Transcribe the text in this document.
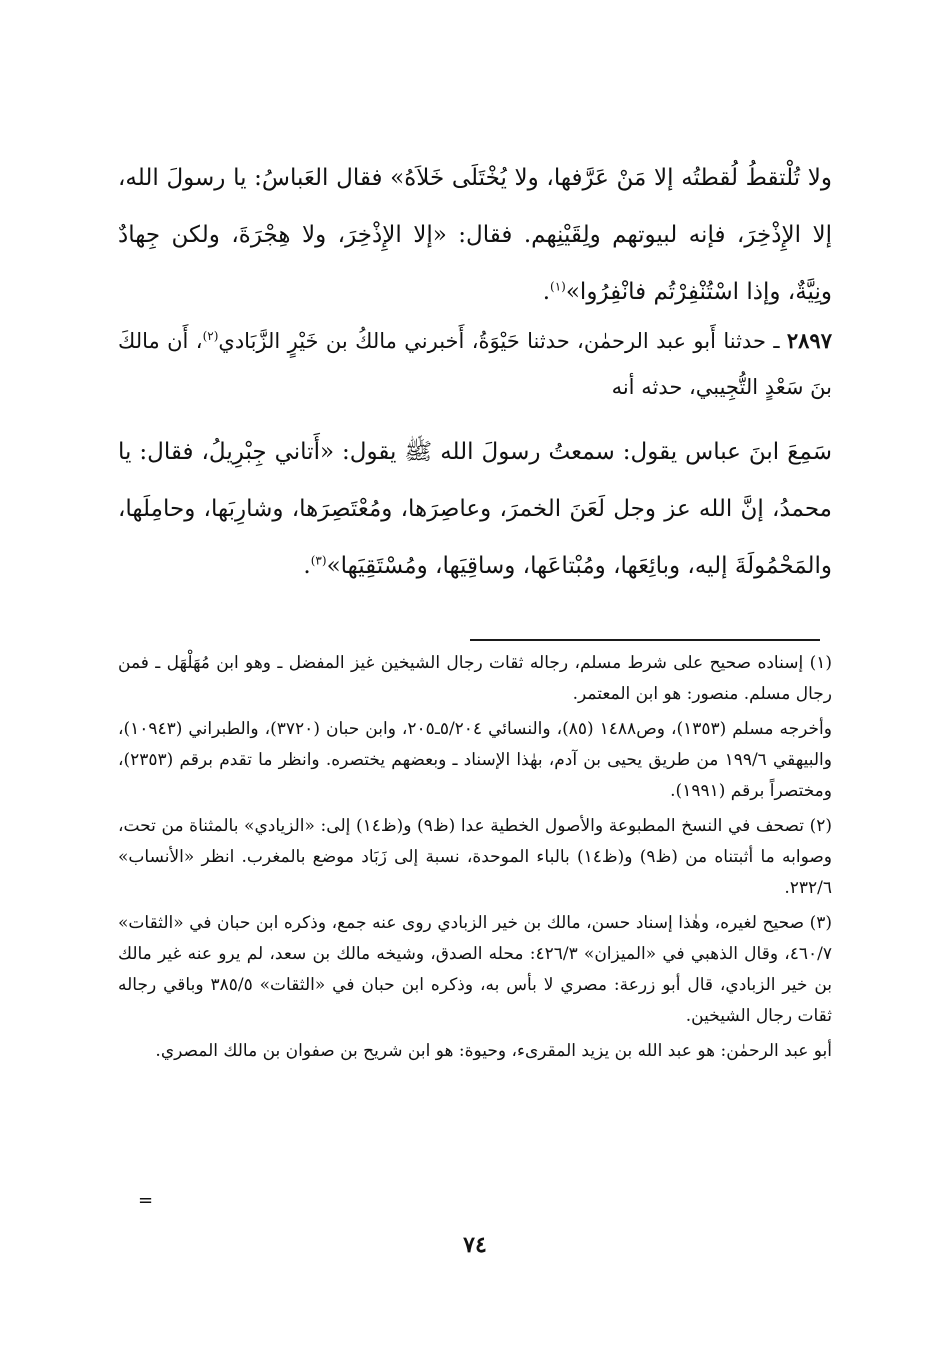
ولا تُلْتقطُ لُقطتُه إلا مَنْ عَرَّفها، ولا يُخْتَلَى خَلاَهُ» فقال العَباسُ: يا رسولَ الله، إلا الإِذْخِرَ، فإنه لبيوتهم ولِقَيْنِهم. فقال: «إلا الإِذْخِرَ، ولا هِجْرَةَ، ولكن جِهادٌ ونِيَّةٌ، وإذا اسْتُنْفِرْتُم فانْفِرُوا»$^{(١)}$.

٢٨٩٧ ـ حدثنا أَبو عبد الرحمٰن، حدثنا حَيْوَةُ، أَخبرني مالكُ بن خَيْرٍ الزَّبَادي$^{(٢)}$، أَن مالكَ بنَ سَعْدٍ التُّجِيبي، حدثه أنه

سَمِعَ ابنَ عباس يقول: سمعتُ رسولَ الله ﷺ يقول: «أَتاني جِبْرِيلُ، فقال: يا محمدُ، إنَّ الله عز وجل لَعَنَ الخمرَ، وعاصِرَها، ومُعْتَصِرَها، وشارِبَها، وحامِلَها، والمَحْمُولَةَ إليه، وبائِعَها، ومُبْتاعَها، وساقِيَها، ومُسْتَقِيَها»$^{(٣)}$.

(١) إسناده صحيح على شرط مسلم، رجاله ثقات رجال الشيخين غيز المفضل ـ وهو ابن مُهَلْهَل ـ فمن رجال مسلم. منصور: هو ابن المعتمر.

وأخرجه مسلم (١٣٥٣)، وص١٤٨٨ (٨٥)، والنسائي ٥/٢٠٤ـ٢٠٥، وابن حبان (٣٧٢٠)، والطبراني (١٠٩٤٣)، والبيهقي ١٩٩/٦ من طريق يحيى بن آدم، بهٰذا الإسناد ـ وبعضهم يختصره. وانظر ما تقدم برقم (٢٣٥٣)، ومختصراً برقم (١٩٩١).

(٢) تصحف في النسخ المطبوعة والأصول الخطية عدا (ظ٩) و(ظ١٤) إلى: «الزيادي» بالمثناة من تحت، وصوابه ما أثبتناه من (ظ٩) و(ظ١٤) بالباء الموحدة، نسبة إلى زَبَاد موضع بالمغرب. انظر «الأنساب» ٢٣٢/٦.

(٣) صحيح لغيره، وهٰذا إسناد حسن، مالك بن خير الزبادي روى عنه جمع، وذكره ابن حبان في «الثقات» ٤٦٠/٧، وقال الذهبي في «الميزان» ٤٢٦/٣: محله الصدق، وشيخه مالك بن سعد، لم يرو عنه غير مالك بن خير الزبادي، قال أبو زرعة: مصري لا بأس به، وذكره ابن حبان في «الثقات» ٣٨٥/٥ وباقي رجاله ثقات رجال الشيخين.

أبو عبد الرحمٰن: هو عبد الله بن يزيد المقرىء، وحيوة: هو ابن شريح بن صفوان بن مالك المصري.

=
٧٤
